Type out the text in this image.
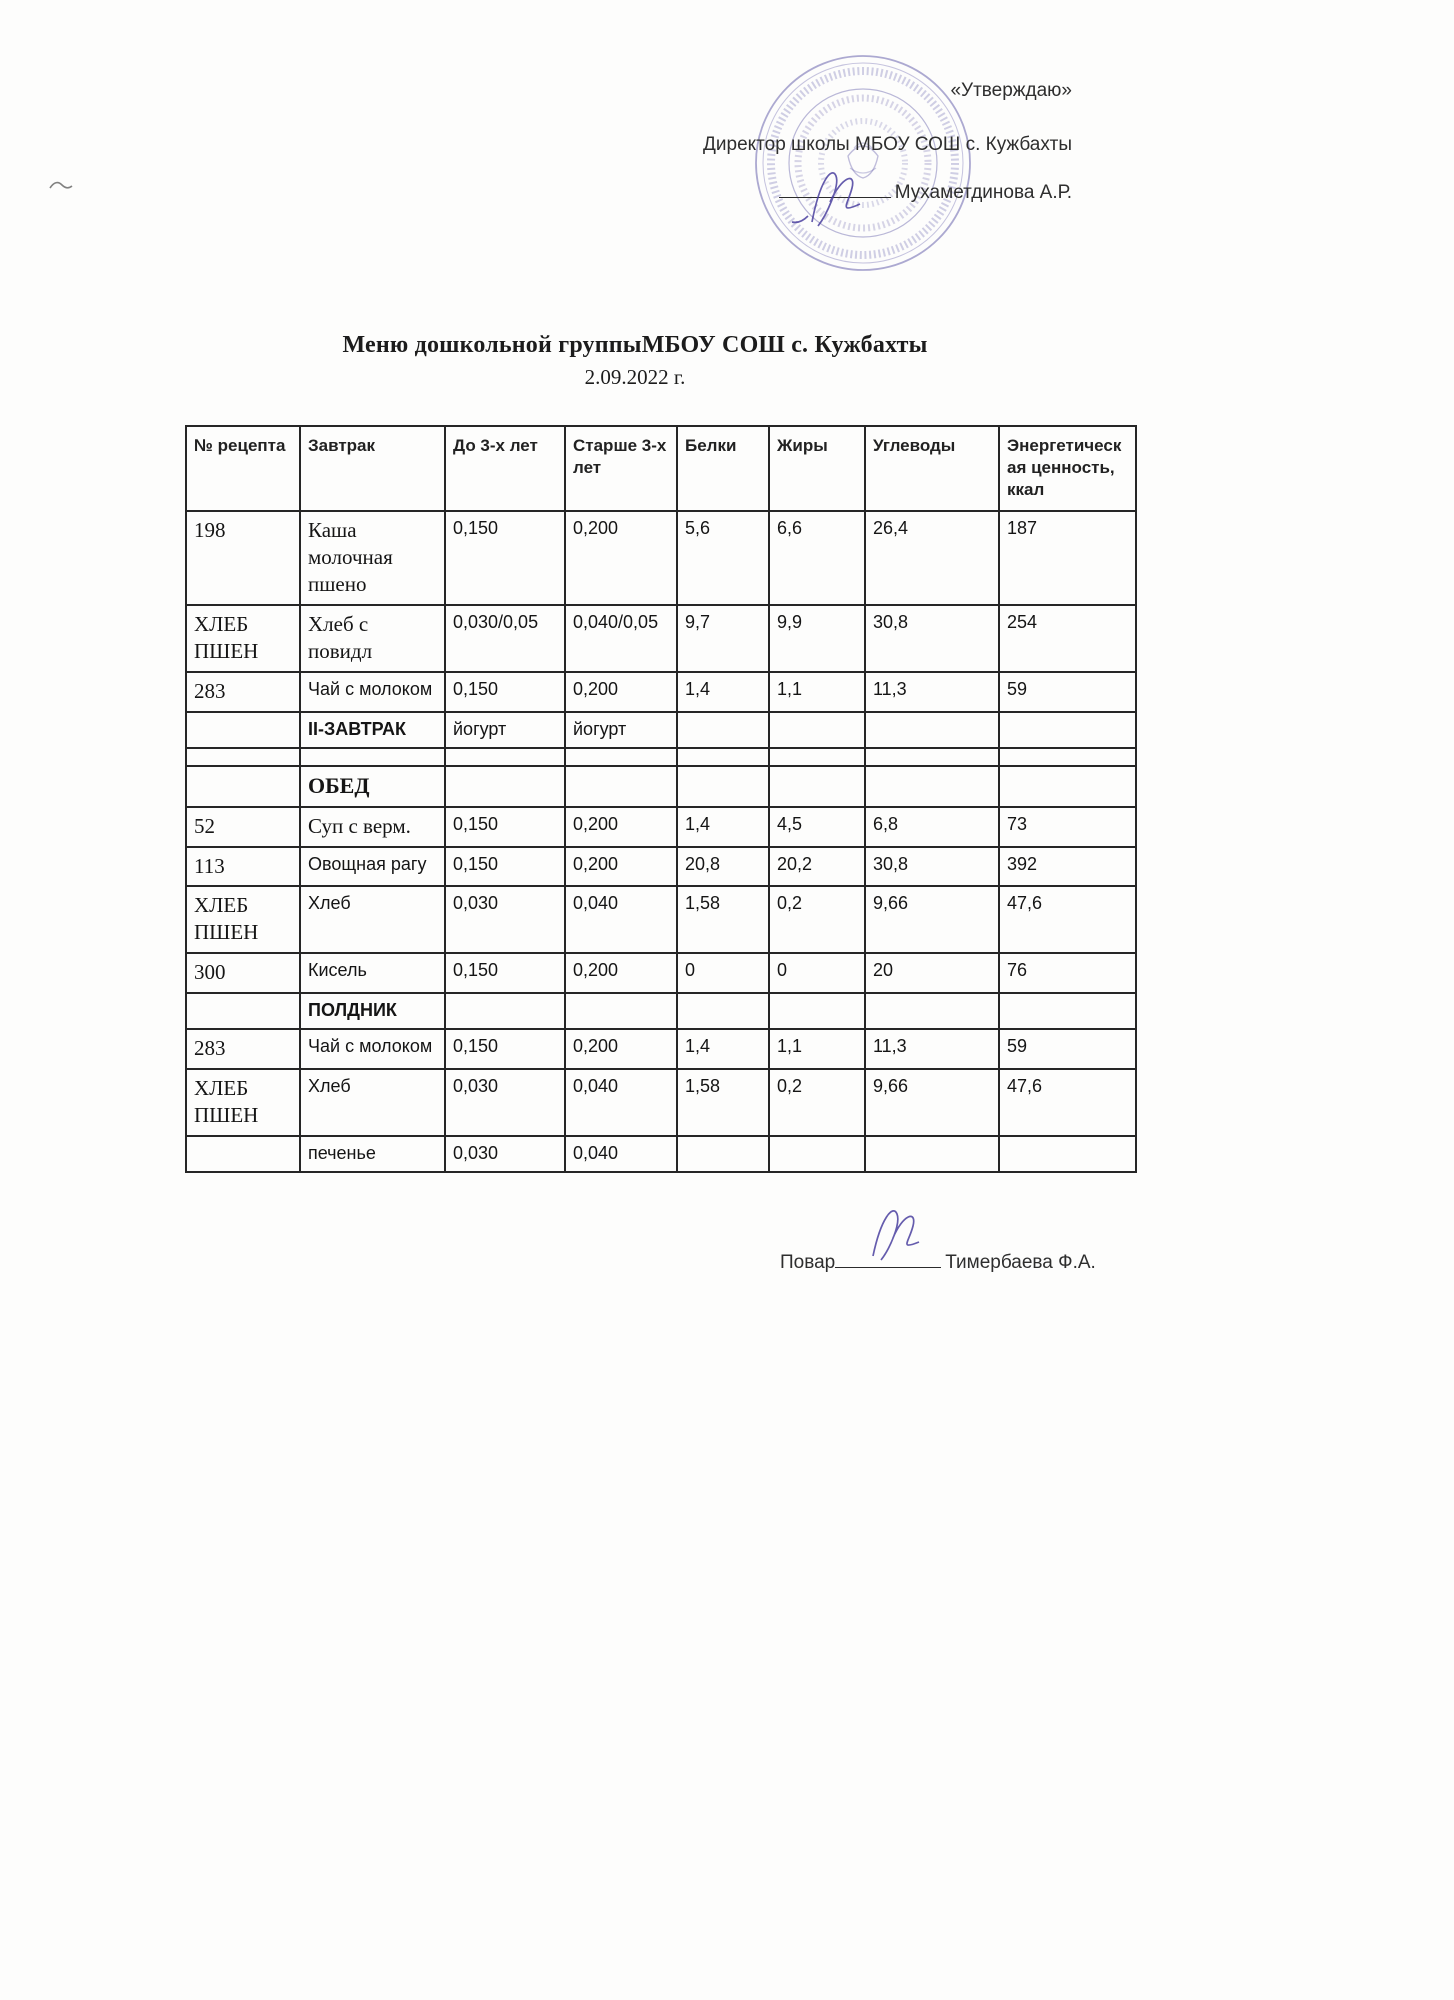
«Утверждаю»
Директор школы МБОУ СОШ с. Кужбахты
Мухаметдинова А.Р.
Меню дошкольной группыМБОУ СОШ с. Кужбахты
2.09.2022 г.
№ рецепта	Завтрак	До 3-х лет	Старше 3-х лет	Белки	Жиры	Углеводы	Энергетическая ценность, ккал
198	Каша молочная пшено	0,150	0,200	5,6	6,6	26,4	187
ХЛЕБ ПШЕН	Хлеб с повидл	0,030/0,05	0,040/0,05	9,7	9,9	30,8	254
283	Чай с молоком	0,150	0,200	1,4	1,1	11,3	59
	II-ЗАВТРАК	йогурт	йогурт				

	ОБЕД						
52	Суп с верм.	0,150	0,200	1,4	4,5	6,8	73
113	Овощная рагу	0,150	0,200	20,8	20,2	30,8	392
ХЛЕБ ПШЕН	Хлеб	0,030	0,040	1,58	0,2	9,66	47,6
300	Кисель	0,150	0,200	0	0	20	76
	ПОЛДНИК						
283	Чай с молоком	0,150	0,200	1,4	1,1	11,3	59
ХЛЕБ ПШЕН	Хлеб	0,030	0,040	1,58	0,2	9,66	47,6
	печенье	0,030	0,040				
Повар	Тимербаева Ф.А.
